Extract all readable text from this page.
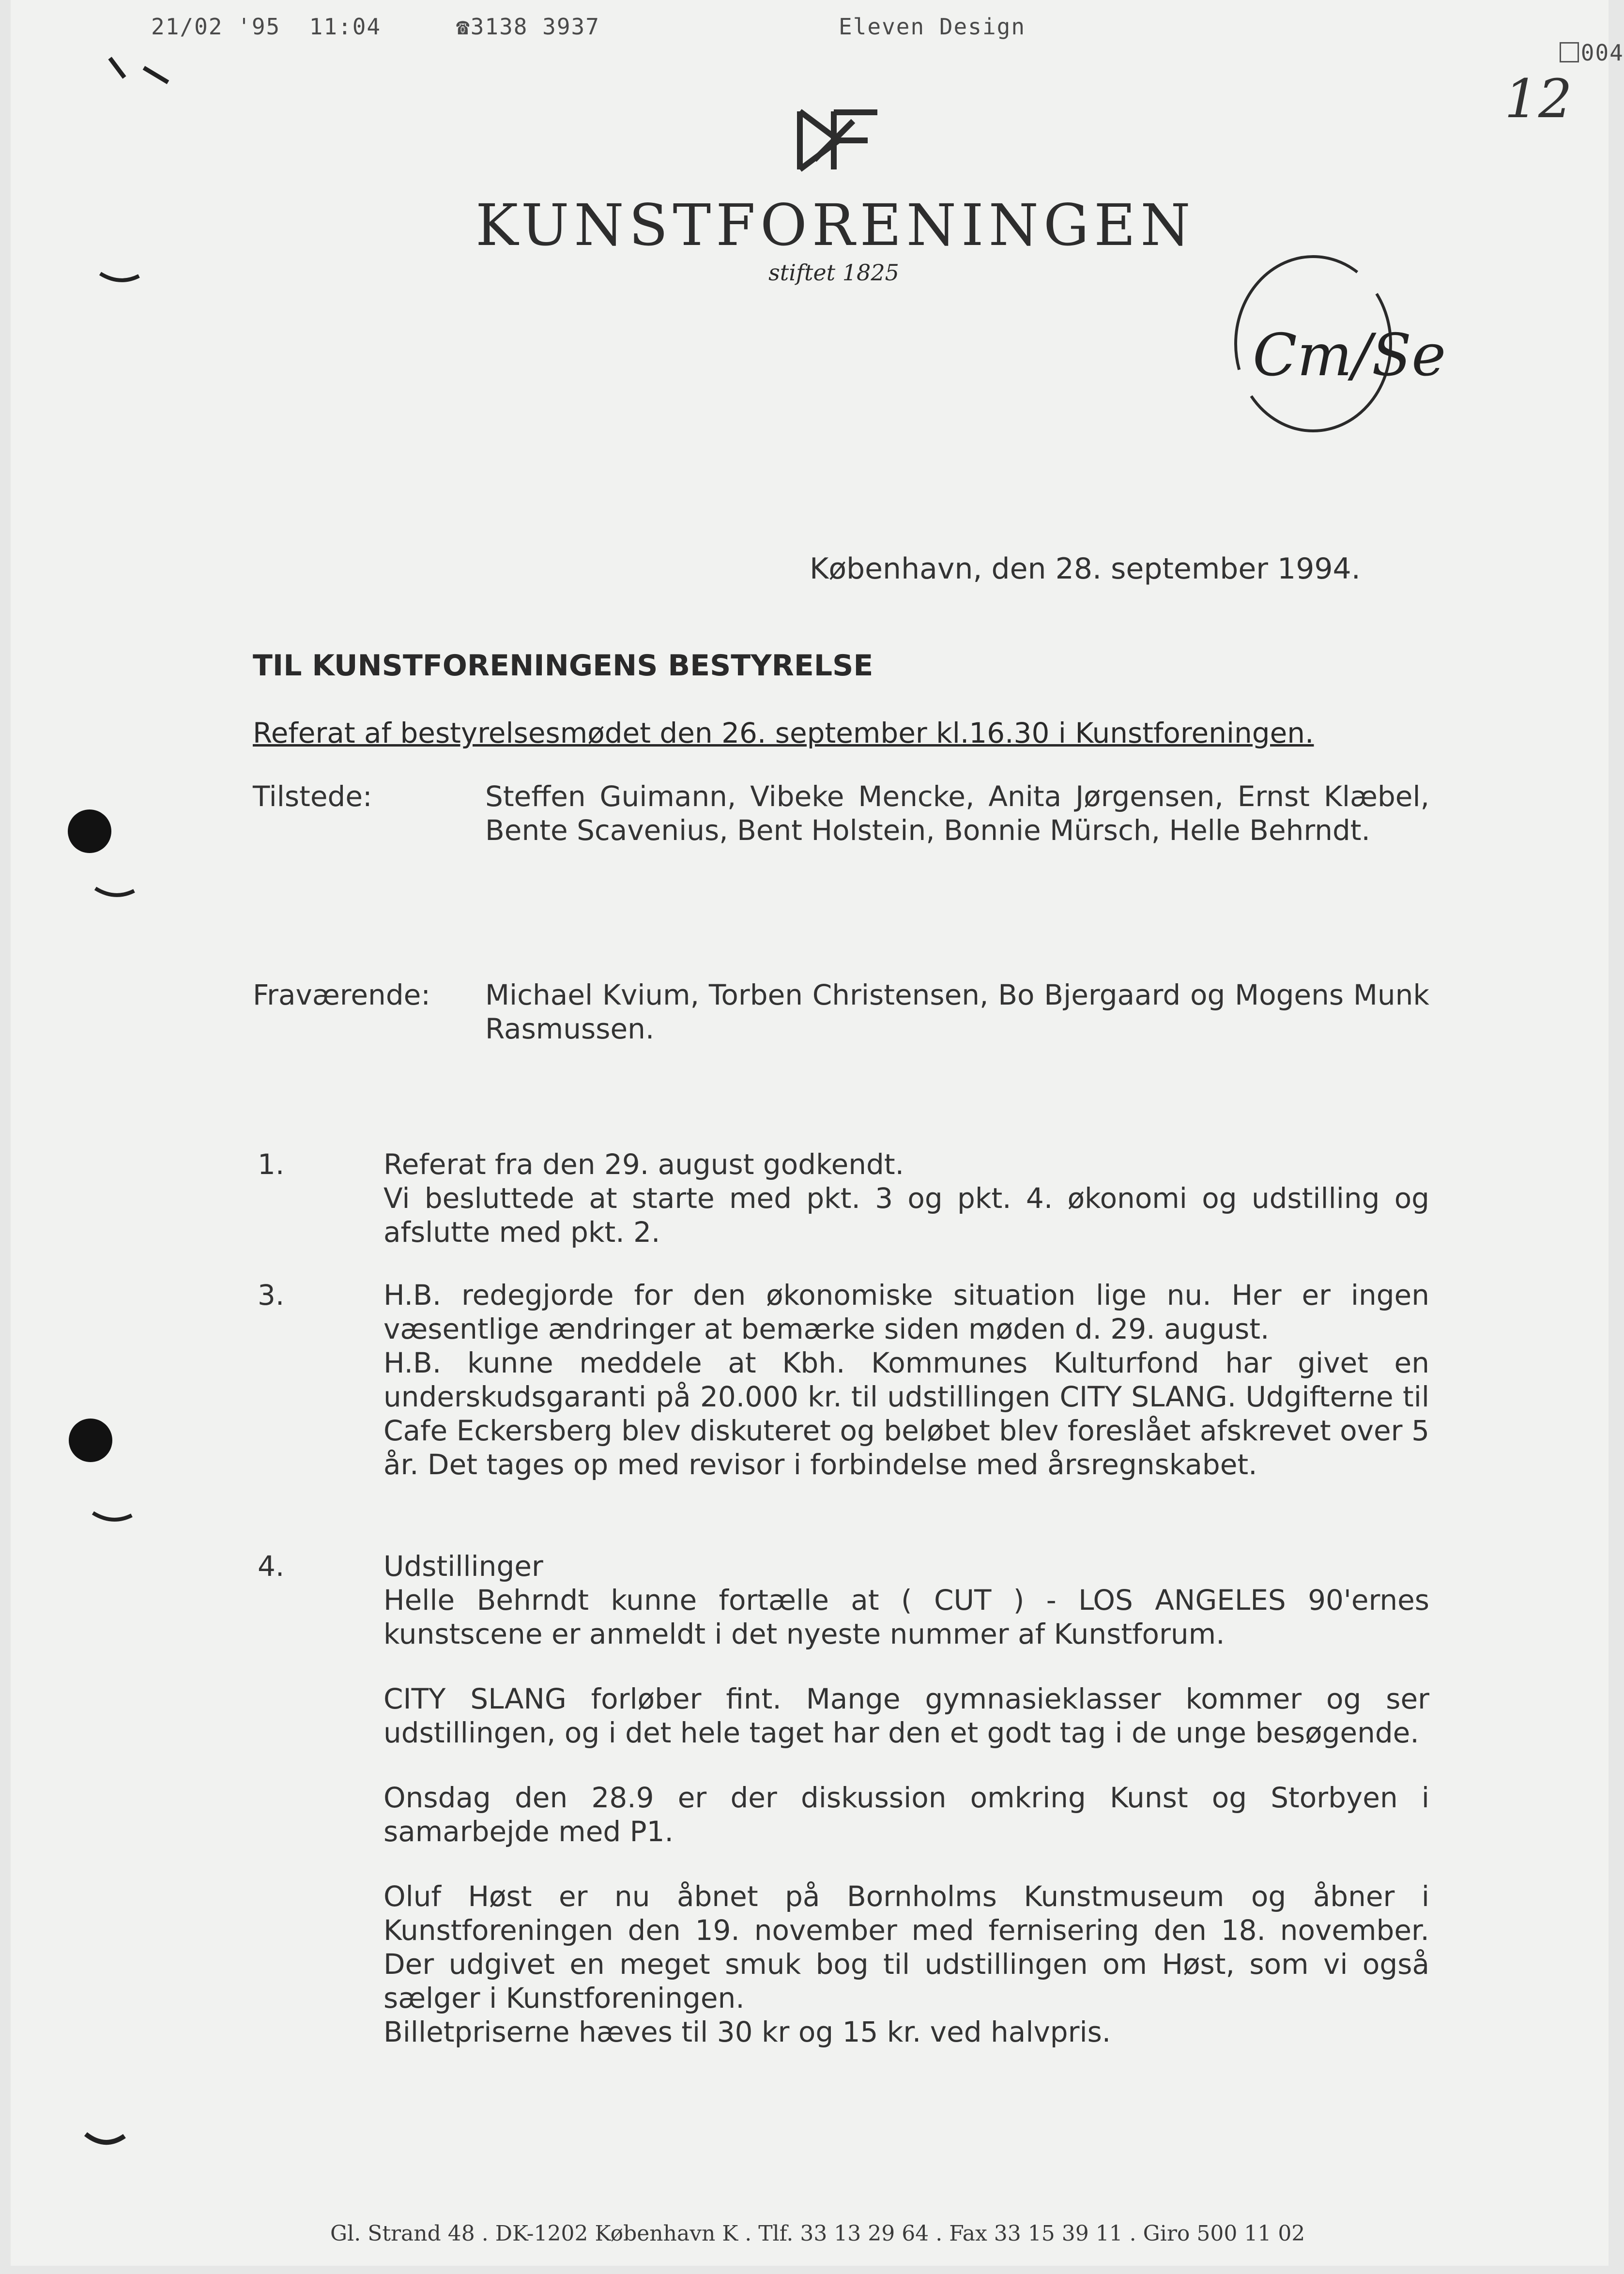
21/02 '95  11:04	☎3138 3937	Eleven Design

004

12
KUNSTFORENINGEN
stiftet 1825
Cm/Se
København, den 28. september 1994.
TIL KUNSTFORENINGENS BESTYRELSE
Referat af bestyrelsesmødet den 26. september kl.16.30 i Kunstforeningen.
Tilstede:	Steffen Guimann, Vibeke Mencke, Anita Jørgensen, Ernst Klæbel, Bente Scavenius, Bent Holstein, Bonnie Mürsch, Helle Behrndt.
Fraværende: Michael Kvium, Torben Christensen, Bo Bjergaard og Mogens Munk Rasmussen.
1.	Referat fra den 29. august godkendt.

Vi besluttede at starte med pkt. 3 og pkt. 4. økonomi og udstilling og afslutte med pkt. 2.

3.	H.B. redegjorde for den økonomiske situation lige nu. Her er ingen væsentlige ændringer at bemærke siden møden d. 29. august.

H.B. kunne meddele at Kbh. Kommunes Kulturfond har givet en underskudsgaranti på 20.000 kr. til udstillingen CITY SLANG. Udgifterne til Cafe Eckersberg blev diskuteret og beløbet blev foreslået afskrevet over 5 år. Det tages op med revisor i forbindelse med årsregnskabet.

4.	Udstillinger

Helle Behrndt kunne fortælle at ( CUT ) - LOS ANGELES 90'ernes kunstscene er anmeldt i det nyeste nummer af Kunstforum.

CITY SLANG forløber fint. Mange gymnasieklasser kommer og ser udstillingen, og i det hele taget har den et godt tag i de unge besøgende.

Onsdag den 28.9 er der diskussion omkring Kunst og Storbyen i samarbejde med P1.

Oluf Høst er nu åbnet på Bornholms Kunstmuseum og åbner i Kunstforeningen den 19. november med fernisering den 18. november. Der udgivet en meget smuk bog til udstillingen om Høst, som vi også sælger i Kunstforeningen.

Billetpriserne hæves til 30 kr og 15 kr. ved halvpris.

Gl. Strand 48 . DK-1202 København K . Tlf. 33 13 29 64 . Fax 33 15 39 11 . Giro 500 11 02
